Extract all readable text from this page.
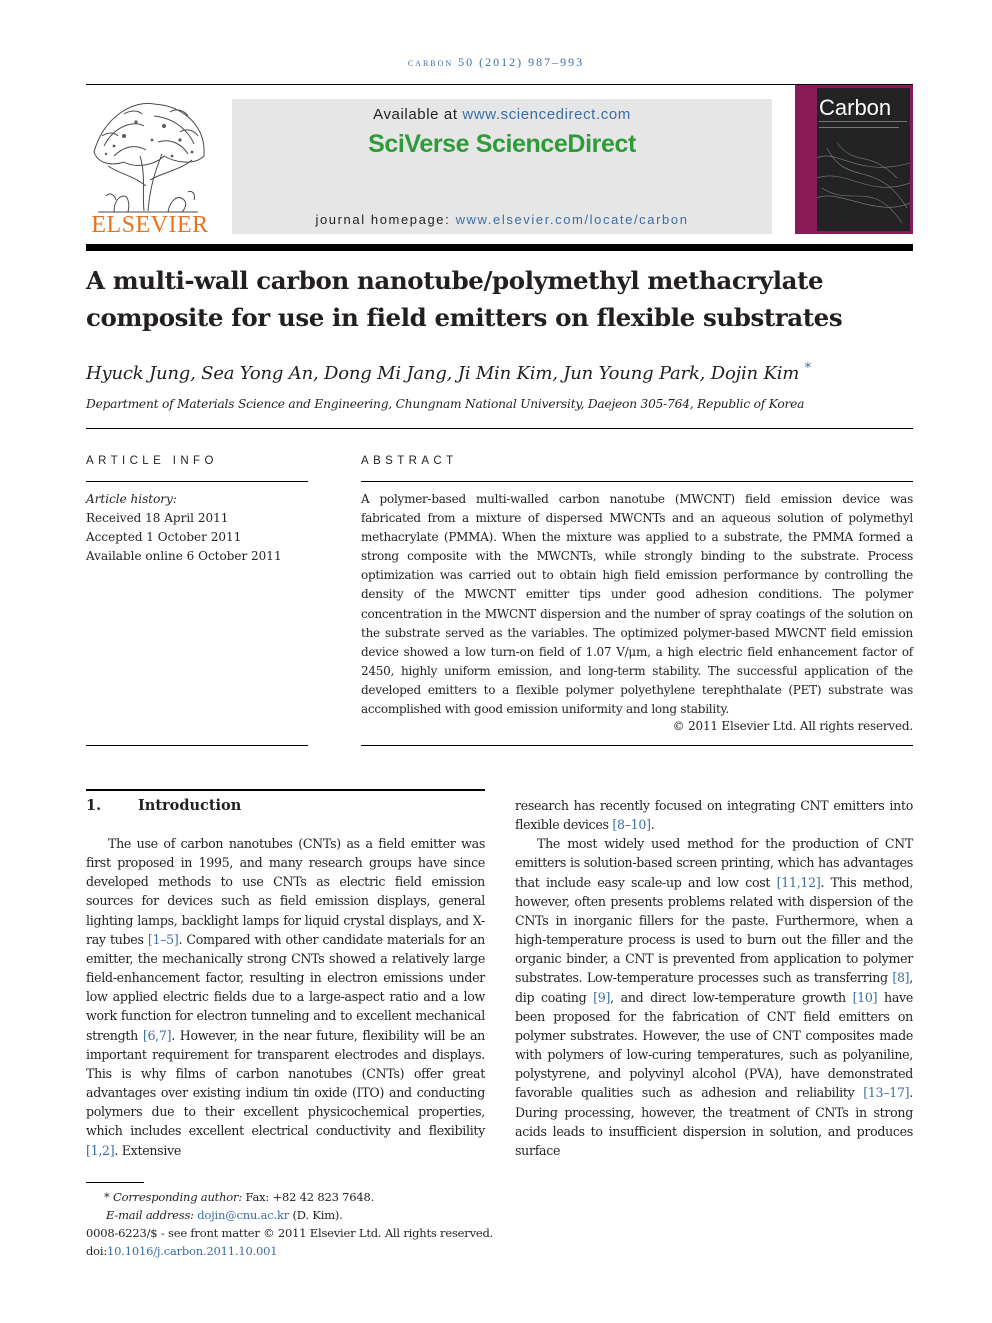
carbon 50 (2012) 987–993
ELSEVIER
Available at www.sciencedirect.com
SciVerse ScienceDirect
journal homepage: www.elsevier.com/locate/carbon
Carbon
A multi-wall carbon nanotube/polymethyl methacrylate
composite for use in field emitters on flexible substrates
Hyuck Jung, Sea Yong An, Dong Mi Jang, Ji Min Kim, Jun Young Park, Dojin Kim *
Department of Materials Science and Engineering, Chungnam National University, Daejeon 305-764, Republic of Korea
ARTICLE INFO
Article history:
Received 18 April 2011
Accepted 1 October 2011
Available online 6 October 2011
ABSTRACT
A polymer-based multi-walled carbon nanotube (MWCNT) field emission device was fabricated from a mixture of dispersed MWCNTs and an aqueous solution of polymethyl methacrylate (PMMA). When the mixture was applied to a substrate, the PMMA formed a strong composite with the MWCNTs, while strongly binding to the substrate. Process optimization was carried out to obtain high field emission performance by controlling the density of the MWCNT emitter tips under good adhesion conditions. The polymer concentration in the MWCNT dispersion and the number of spray coatings of the solution on the substrate served as the variables. The optimized polymer-based MWCNT field emission device showed a low turn-on field of 1.07 V/μm, a high electric field enhancement factor of 2450, highly uniform emission, and long-term stability. The successful application of the developed emitters to a flexible polymer polyethylene terephthalate (PET) substrate was accomplished with good emission uniformity and long stability.
© 2011 Elsevier Ltd. All rights reserved.
1.	Introduction

The use of carbon nanotubes (CNTs) as a field emitter was first proposed in 1995, and many research groups have since developed methods to use CNTs as electric field emission sources for devices such as field emission displays, general lighting lamps, backlight lamps for liquid crystal displays, and X-ray tubes [1–5]. Compared with other candidate materials for an emitter, the mechanically strong CNTs showed a relatively large field-enhancement factor, resulting in electron emissions under low applied electric fields due to a large-aspect ratio and a low work function for electron tunneling and to excellent mechanical strength [6,7]. However, in the near future, flexibility will be an important requirement for transparent electrodes and displays. This is why films of carbon nanotubes (CNTs) offer great advantages over existing indium tin oxide (ITO) and conducting polymers due to their excellent physicochemical properties, which includes excellent electrical conductivity and flexibility [1,2]. Extensive

research has recently focused on integrating CNT emitters into flexible devices [8–10].

The most widely used method for the production of CNT emitters is solution-based screen printing, which has advantages that include easy scale-up and low cost [11,12]. This method, however, often presents problems related with dispersion of the CNTs in inorganic fillers for the paste. Furthermore, when a high-temperature process is used to burn out the filler and the organic binder, a CNT is prevented from application to polymer substrates. Low-temperature processes such as transferring [8], dip coating [9], and direct low-temperature growth [10] have been proposed for the fabrication of CNT field emitters on polymer substrates. However, the use of CNT composites made with polymers of low-curing temperatures, such as polyaniline, polystyrene, and polyvinyl alcohol (PVA), have demonstrated favorable qualities such as adhesion and reliability [13–17]. During processing, however, the treatment of CNTs in strong acids leads to insufficient dispersion in solution, and produces surface

* Corresponding author: Fax: +82 42 823 7648.
E-mail address: dojin@cnu.ac.kr (D. Kim).
0008-6223/$ - see front matter © 2011 Elsevier Ltd. All rights reserved.
doi:10.1016/j.carbon.2011.10.001
